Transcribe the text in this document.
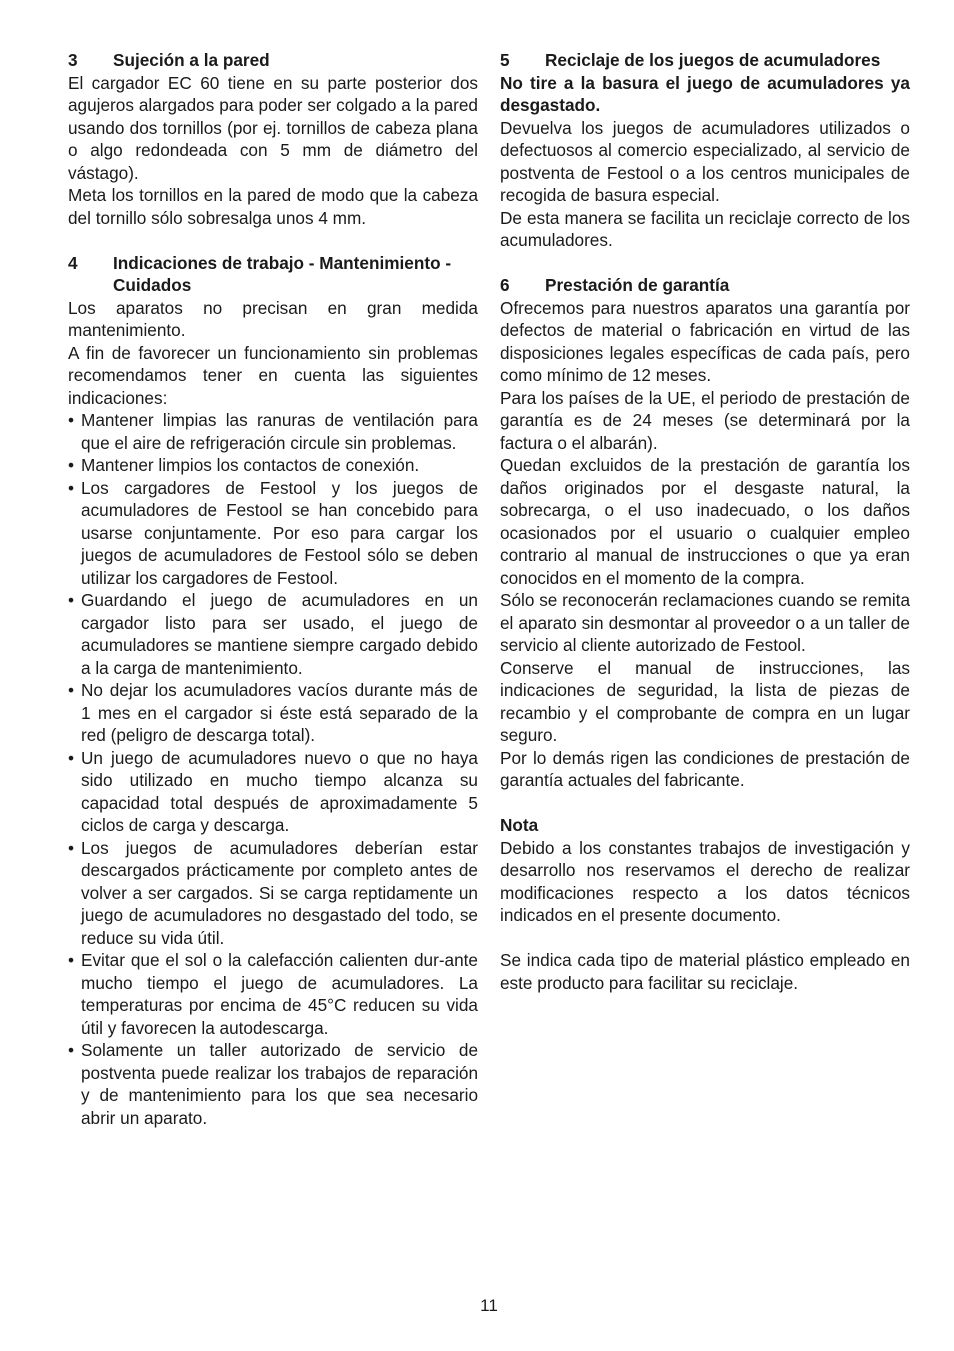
3	Sujeción a la pared

El cargador EC 60 tiene en su parte posterior dos agujeros alargados para poder ser colgado a la pared usando dos tornillos (por ej. tornillos de cabeza plana o algo redondeada con 5 mm de diámetro del vástago).

Meta los tornillos en la pared de modo que la cabeza del tornillo sólo sobresalga unos 4 mm.

4	Indicaciones de trabajo - Mantenimiento - Cuidados

Los aparatos no precisan en gran medida mantenimiento.

A fin de favorecer un funcionamiento sin problemas recomendamos tener en cuenta las siguientes indicaciones:

• Mantener limpias las ranuras de ventilación para que el aire de refrigeración circule sin problemas.
• Mantener limpios los contactos de conexión.
• Los cargadores de Festool y los juegos de acumuladores de Festool se han concebido para usarse conjuntamente. Por eso para cargar los juegos de acumuladores de Festool sólo se deben utilizar los cargadores de Festool.
• Guardando el juego de acumuladores en un cargador listo para ser usado, el juego de acumuladores se mantiene siempre cargado debido a la carga de mantenimiento.
• No dejar los acumuladores vacíos durante más de 1 mes en el cargador si éste está separado de la red (peligro de descarga total).
• Un juego de acumuladores nuevo o que no haya sido utilizado en mucho tiempo alcanza su capacidad total después de aproximadamente 5 ciclos de carga y descarga.
• Los juegos de acumuladores deberían estar descargados prácticamente por completo antes de volver a ser cargados. Si se carga reptidamente un juego de acumuladores no desgastado del todo, se reduce su vida útil.
• Evitar que el sol o la calefacción calienten dur-ante mucho tiempo el juego de acumuladores. La temperaturas por encima de 45°C reducen su vida útil y favorecen la autodescarga.
• Solamente un taller autorizado de servicio de postventa puede realizar los trabajos de reparación y de mantenimiento para los que sea necesario abrir un aparato.
5	Reciclaje de los juegos de acumuladores

No tire a la basura el juego de acumuladores ya desgastado.

Devuelva los juegos de acumuladores utilizados o defectuosos al comercio especializado, al servicio de postventa de Festool o a los centros municipales de recogida de basura especial.

De esta manera se facilita un reciclaje correcto de los acumuladores.

6	Prestación de garantía

Ofrecemos para nuestros aparatos una garantía por defectos de material o fabricación en virtud de las disposiciones legales específicas de cada país, pero como mínimo de 12 meses.

Para los países de la UE, el periodo de prestación de garantía es de 24 meses (se determinará por la factura o el albarán).

Quedan excluidos de la prestación de garantía los daños originados por el desgaste natural, la sobrecarga, o el uso inadecuado, o los daños ocasionados por el usuario o cualquier empleo contrario al manual de instrucciones o que ya eran conocidos en el momento de la compra.

Sólo se reconocerán reclamaciones cuando se remita el aparato sin desmontar al proveedor o a un taller de servicio al cliente autorizado de Festool.

Conserve el manual de instrucciones, las indicaciones de seguridad, la lista de piezas de recambio y el comprobante de compra en un lugar seguro.

Por lo demás rigen las condiciones de prestación de garantía actuales del fabricante.

Nota

Debido a los constantes trabajos de investigación y desarrollo nos reservamos el derecho de realizar modificaciones respecto a los datos técnicos indicados en el presente documento.

Se indica cada tipo de material plástico empleado en este producto para facilitar su reciclaje.

11
